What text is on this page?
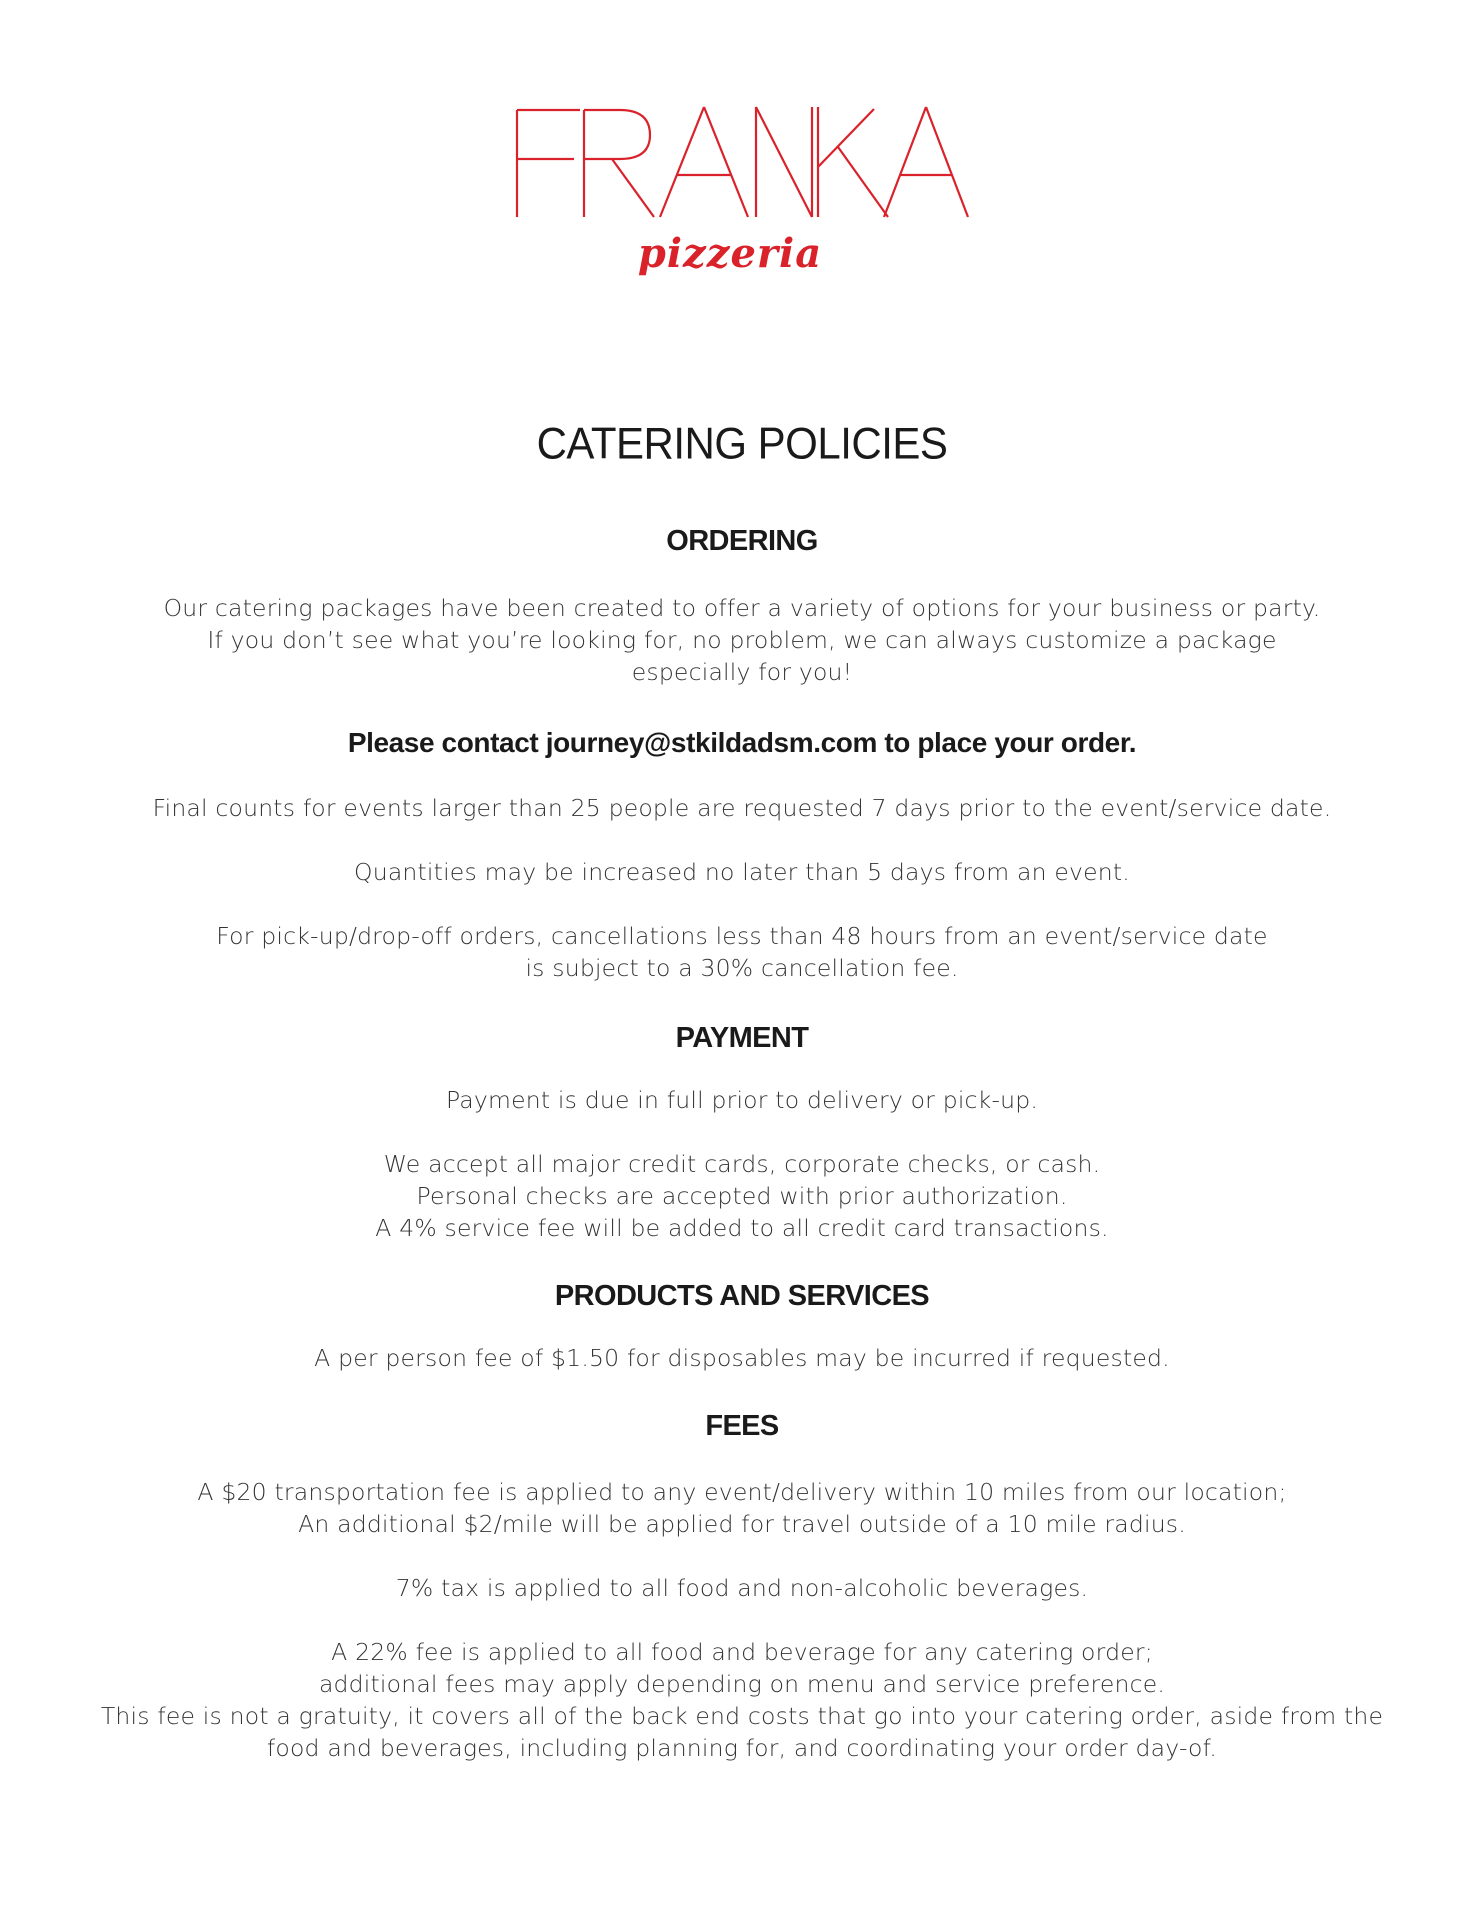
pizzeria
CATERING POLICIES
ORDERING
Our catering packages have been created to offer a variety of options for your business or party.
If you don’t see what you’re looking for, no problem, we can always customize a package
especially for you!
Please contact journey@stkildadsm.com to place your order.
Final counts for events larger than 25 people are requested 7 days prior to the event/service date.
Quantities may be increased no later than 5 days from an event.
For pick-up/drop-off orders, cancellations less than 48 hours from an event/service date
is subject to a 30% cancellation fee.
PAYMENT
Payment is due in full prior to delivery or pick-up.
We accept all major credit cards, corporate checks, or cash.
Personal checks are accepted with prior authorization.
A 4% service fee will be added to all credit card transactions.
PRODUCTS AND SERVICES
A per person fee of $1.50 for disposables may be incurred if requested.
FEES
A $20 transportation fee is applied to any event/delivery within 10 miles from our location;
An additional $2/mile will be applied for travel outside of a 10 mile radius.
7% tax is applied to all food and non-alcoholic beverages.
A 22% fee is applied to all food and beverage for any catering order;
additional fees may apply depending on menu and service preference.
This fee is not a gratuity, it covers all of the back end costs that go into your catering order, aside from the
food and beverages, including planning for, and coordinating your order day-of.
